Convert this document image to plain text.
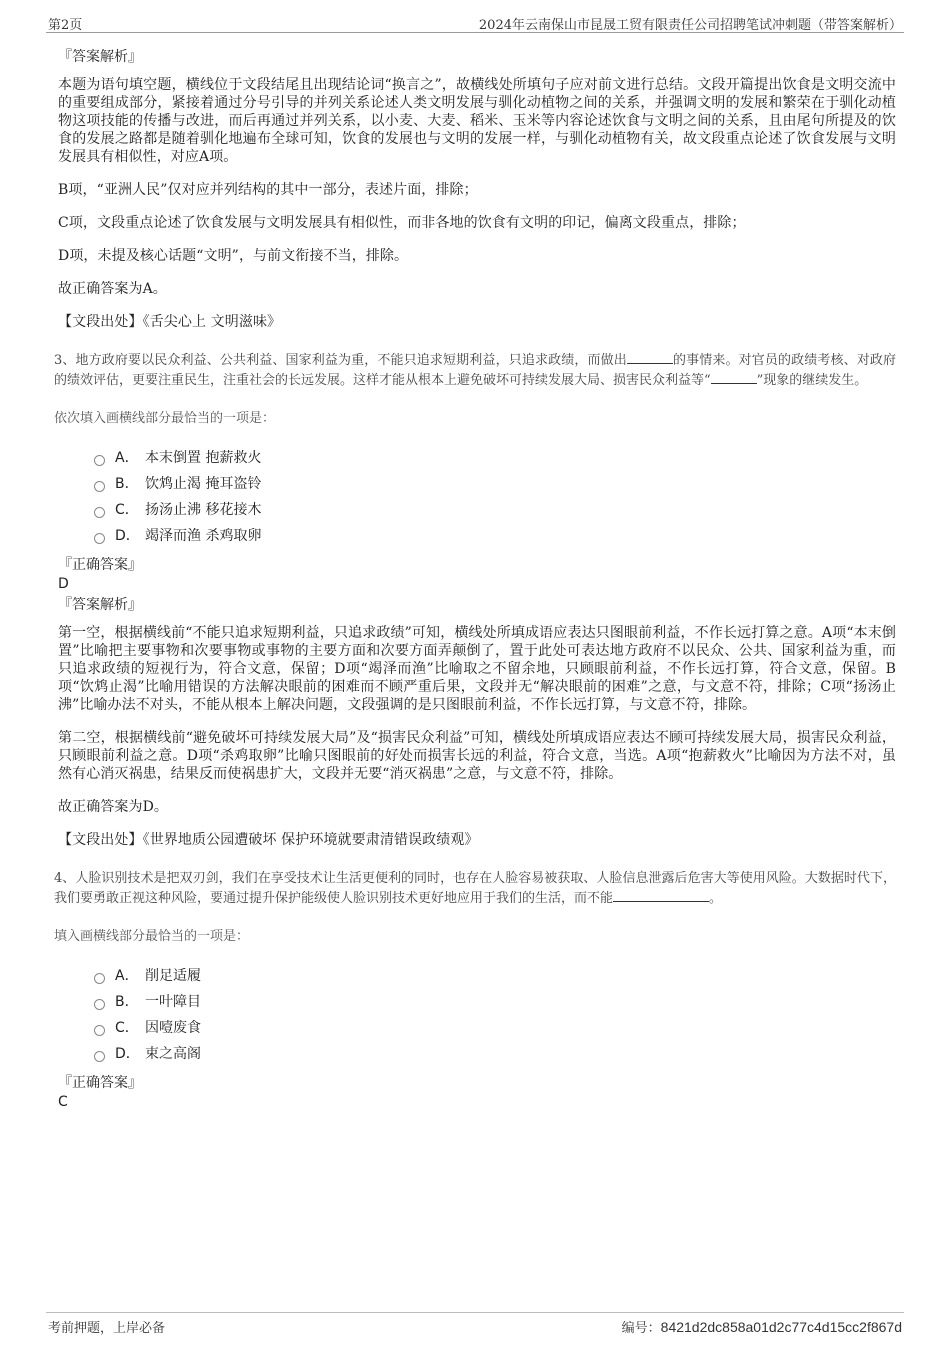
第2页	2024年云南保山市昆晟工贸有限责任公司招聘笔试冲刺题（带答案解析）
『答案解析』
本题为语句填空题，横线位于文段结尾且出现结论词“换言之”，故横线处所填句子应对前文进行总结。文段开篇提出饮食是文明交流中的重要组成部分，紧接着通过分号引导的并列关系论述人类文明发展与驯化动植物之间的关系，并强调文明的发展和繁荣在于驯化动植物这项技能的传播与改进，而后再通过并列关系，以小麦、大麦、稻米、玉米等内容论述饮食与文明之间的关系，且由尾句所提及的饮食的发展之路都是随着驯化地遍布全球可知，饮食的发展也与文明的发展一样，与驯化动植物有关，故文段重点论述了饮食发展与文明发展具有相似性，对应A项。
B项，“亚洲人民”仅对应并列结构的其中一部分，表述片面，排除；
C项，文段重点论述了饮食发展与文明发展具有相似性，而非各地的饮食有文明的印记，偏离文段重点，排除；
D项，未提及核心话题“文明”，与前文衔接不当，排除。
故正确答案为A。
【文段出处】《舌尖心上 文明滋味》
3、地方政府要以民众利益、公共利益、国家利益为重，不能只追求短期利益，只追求政绩，而做出	的事情来。对官员的政绩考核、对政府的绩效评估，更要注重民生，注重社会的长远发展。这样才能从根本上避免破坏可持续发展大局、损害民众利益等“	”现象的继续发生。
依次填入画横线部分最恰当的一项是：
A． 本末倒置 抱薪救火
B． 饮鸩止渴 掩耳盗铃
C． 扬汤止沸 移花接木
D． 竭泽而渔 杀鸡取卵
『正确答案』
D
『答案解析』
第一空，根据横线前“不能只追求短期利益，只追求政绩”可知，横线处所填成语应表达只图眼前利益，不作长远打算之意。A项“本末倒置”比喻把主要事物和次要事物或事物的主要方面和次要方面弄颠倒了，置于此处可表达地方政府不以民众、公共、国家利益为重，而只追求政绩的短视行为，符合文意，保留；D项“竭泽而渔”比喻取之不留余地，只顾眼前利益，不作长远打算，符合文意，保留。B项“饮鸩止渴”比喻用错误的方法解决眼前的困难而不顾严重后果，文段并无“解决眼前的困难”之意，与文意不符，排除；C项“扬汤止沸”比喻办法不对头，不能从根本上解决问题，文段强调的是只图眼前利益，不作长远打算，与文意不符，排除。
第二空，根据横线前“避免破坏可持续发展大局”及“损害民众利益”可知，横线处所填成语应表达不顾可持续发展大局，损害民众利益，只顾眼前利益之意。D项“杀鸡取卵”比喻只图眼前的好处而损害长远的利益，符合文意，当选。A项“抱薪救火”比喻因为方法不对，虽然有心消灭祸患，结果反而使祸患扩大，文段并无要“消灭祸患”之意，与文意不符，排除。
故正确答案为D。
【文段出处】《世界地质公园遭破坏 保护环境就要肃清错误政绩观》
4、人脸识别技术是把双刃剑，我们在享受技术让生活更便利的同时，也存在人脸容易被获取、人脸信息泄露后危害大等使用风险。大数据时代下，我们要勇敢正视这种风险，要通过提升保护能级使人脸识别技术更好地应用于我们的生活，而不能	。
填入画横线部分最恰当的一项是：
A． 削足适履
B． 一叶障目
C． 因噎废食
D． 束之高阁
『正确答案』
C
考前押题，上岸必备	编号：8421d2dc858a01d2c77c4d15cc2f867d
